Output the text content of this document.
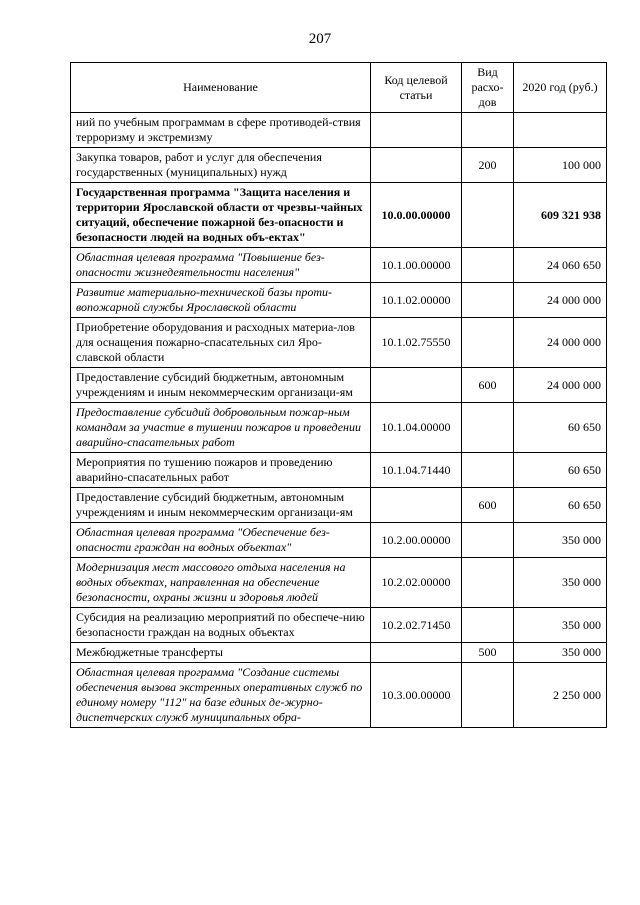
207
Наименование	Код целевой статьи	Вид расхо-дов	2020 год (руб.)
ний по учебным программам в сфере противодей-ствия терроризму и экстремизму			
Закупка товаров, работ и услуг для обеспечения государственных (муниципальных) нужд		200	100 000
Государственная программа "Защита населения и территории Ярославской области от чрезвы-чайных ситуаций, обеспечение пожарной без-опасности и безопасности людей на водных объ-ектах"	10.0.00.00000		609 321 938
Областная целевая программа "Повышение без-опасности жизнедеятельности населения"	10.1.00.00000		24 060 650
Развитие материально-технической базы проти-вопожарной службы Ярославской области	10.1.02.00000		24 000 000
Приобретение оборудования и расходных материа-лов для оснащения пожарно-спасательных сил Яро-славской области	10.1.02.75550		24 000 000
Предоставление субсидий бюджетным, автономным учреждениям и иным некоммерческим организаци-ям		600	24 000 000
Предоставление субсидий добровольным пожар-ным командам за участие в тушении пожаров и проведении аварийно-спасательных работ	10.1.04.00000		60 650
Мероприятия по тушению пожаров и проведению аварийно-спасательных работ	10.1.04.71440		60 650
Предоставление субсидий бюджетным, автономным учреждениям и иным некоммерческим организаци-ям		600	60 650
Областная целевая программа "Обеспечение без-опасности граждан на водных объектах"	10.2.00.00000		350 000
Модернизация мест массового отдыха населения на водных объектах, направленная на обеспечение безопасности, охраны жизни и здоровья людей	10.2.02.00000		350 000
Субсидия на реализацию мероприятий по обеспече-нию безопасности граждан на водных объектах	10.2.02.71450		350 000
Межбюджетные трансферты		500	350 000
Областная целевая программа "Создание системы обеспечения вызова экстренных оперативных служб по единому номеру "112" на базе единых де-журно-диспетчерских служб муниципальных обра-	10.3.00.00000		2 250 000
